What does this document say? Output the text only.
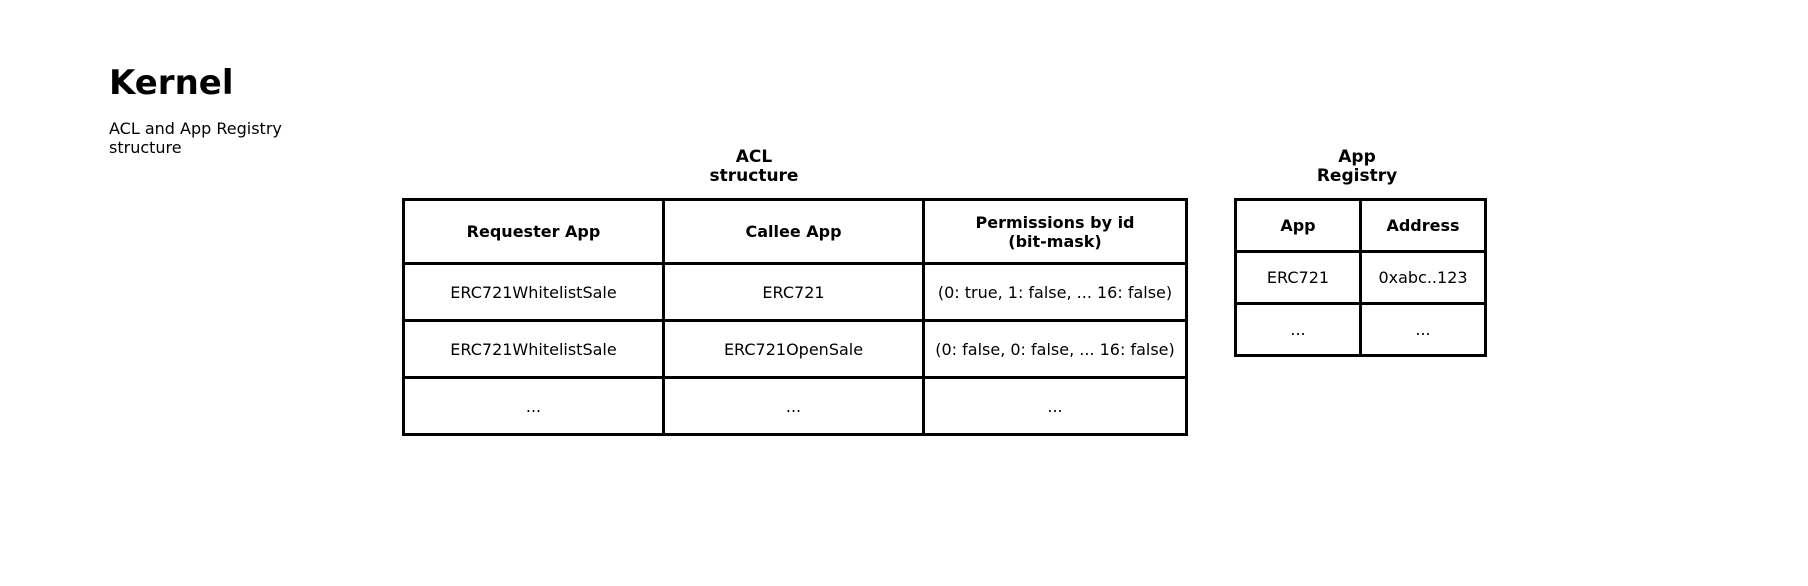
Kernel
ACL and App Registry structure	ACL
structure
Requester App	Callee App	Permissions by id
(bit-mask)

ERC721WhitelistSale	ERC721	(0: true, 1: false, ... 16: false)
ERC721WhitelistSale	ERC721OpenSale	(0: false, 0: false, ... 16: false)
...	...	...
App
Registry
App	Address
ERC721	0xabc..123
...	...
